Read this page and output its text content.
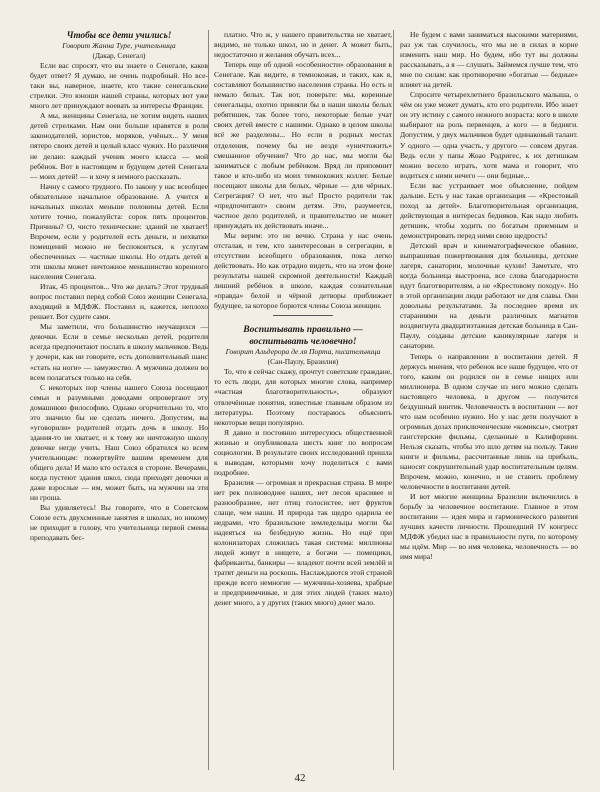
Чтобы все дети учились!

Говорит Жанна Туре, учительница

(Дакар, Сенегал)

Если вас спросят, что вы знаете о Сенегале, каков будет ответ? Я думаю, не очень подробный. Но все-таки вы, наверное, знаете, кто такие сенегальские стрелки. Это юноши нашей страны, которых вот уже много лет принуждают воевать за интересы Франции.

А мы, женщины Сенегала, не хотим видеть наших детей стрелками. Нам они больше нравятся в роли законодателей, юристов, моряков, учёных... У меня пятеро своих детей и целый класс чужих. Но различия не делаю: каждый ученик моего класса — мой ребёнок. Вот в настоящем и будущем детей Сенегала — моих детей! — и хочу я немного рассказать.

Начну с самого трудного. По закону у нас всеобщее обязательное начальное образование. А учится в начальных школах меньше половины детей. Если хотите точно, пожалуйста: сорок пять процентов. Причины? О, чисто технические: зданий не хватает! Впрочем, если у родителей есть деньги, и нехватке помещений можно не беспокоиться, к услугам обеспеченных — частные школы. Но отдать детей в эти школы может ничтожное меньшинство коренного населения Сенегала.

Итак, 45 процентов... Что же делать? Этот трудный вопрос поставил перед собой Союз женщин Сенегала, входящий в МДФЖ. Поставил и, кажется, неплохо решает. Вот судите сами.

Мы заметили, что большинство неучащихся — девочки. Если в семье несколько детей, родители всегда предпочитают послать в школу мальчиков. Ведь у дочери, как ни говорите, есть дополнительный шанс «стать на ноги» — замужество. А мужчина должен во всем полагаться только на себя.

С некоторых пор члены нашего Союза посещают семьи и разумными доводами опровергают эту домашнюю философию. Однако огорчительно то, что это значило бы не сделать ничего. Допустим, вы «уговорили» родителей отдать дочь в школу. Но здания-то не хватает, и к тому же ничтожную школу девочке негде учить. Наш Союз обратился ко всем учительницам: пожертвуйте вашим временем для общего дела! И мало кто остался в стороне. Вечерами, когда пустеют здания школ, сюда приходят девочки и даже взрослые — им, может быть, на мужчин на эти ни грошa.

Вы удивляетесь! Вы говорите, что в Советском Союзе есть двухсменные занятия в школах, но никому не приходит в голову, что учительница первой смены преподавать бес-

платно. Что ж, у нашего правительства не хватает, видимо, не только школ, но и денег. А может быть, недостаточно и желания обучать всех...

Теперь еще об одной «особенности» образования в Сенегале. Как видите, я темнокожая, и таких, как я, составляют большинство населения страны. Но есть и немало белых. Так вот, поверьте: мы, коренные сенегальцы, охотно приняли бы в наши школы белых ребятишек, так более того, некоторые белые учат своих детей вместе с нашими. Однако в целом школы всё же разделены... Но если в родных местах отделения, почему бы не везде «уничтожить» смешанное обучение? Что до нас, мы могли бы заниматься с любым ребёнком. Вряд ли припомнит такое и кто-либо из моих темнокожих коллег. Белые посещают школы для белых, чёрные — для чёрных. Сегрегация? О нет, что вы! Просто родители так «предпочитают» своим детям. Это, разумеется, частное дело родителей, и правительство не может принуждать их действовать иначе...

Мы верим: это не вечно. Страна у нас очень отсталая, и тем, кто заинтересован в сегрегации, в отсутствии всеобщего образования, пока легко действовать. Но как отрадно видеть, что на этом фоне результаты нашей скромной деятельности! Каждый лишний ребёнок в школе, каждая сознательная «правда» белой и чёрной детворы приближает будущее, за которое борются члены Союза женщин.

Воспитывать правильно — воспитывать человечно!

Говорит Альдерора де ля Порта, писательница

(Сан-Паулу, Бразилия)

То, что я сейчас скажу, прочтут советские граждане, то есть люди, для которых многие слова, например «частная благотворительность», образуют отвлечённые понятия, известные главным образом из литературы. Поэтому постараюсь объяснить некоторые вещи популярно.

Я давно и постоянно интересуюсь общественной жизнью и опубликовала шесть книг по вопросам социологии. В результате своих исследований пришла к выводам, которыми хочу поделиться с вами подробнее.

Бразилия — огромная и прекрасная страна. В мире нет рек полноводнее наших, нет лесов красивее и разнообразнее, нет птиц голосистее, нет фруктов слаще, чем наши. И природа так щедро одарила ее недрами, что бразильские земледельцы могли бы надеяться на безбедную жизнь. Но ещё при колонизаторах сложилась такая система: миллионы людей живут в нищете, а богачи — помещики, фабриканты, банкиры — владеют почти всей землёй и тратят деньги на роскошь. Наслаждаются этой страной прежде всего немногие — мужчины-хозяева, храбрые и предприимчивые, и для этих людей (таких мало) денег много, а у других (таких много) денег мало.

Не будем с вами заниматься высокими материями, раз уж так случилось, что мы не в силах в корне изменить наш мир. Но будем, ибо тут вы должны рассказывать, а я — слушать. Займемся лучше тем, что мне по силам: как противоречие «богатые — бедные» влияет на детей.

Спросите четырехлетнего бразильского малыша, о чём он уже может думать, кто его родители. Ибо знает он эту истину с самого нежного возраста: кого в школе выбирают на роль первенцев, а кого — в бедняги. Допустим, у двух мальчиков будет одинаковый талант. У одного — одна участь, у другого — совсем другая. Ведь если у папы Жоао Родригес, к их детишкам можно весело играть, хотя мама и говорит, что водиться с ними нечего — они бедные...

Если вас устраивает мое объяснение, пойдем дальше. Есть у нас такая организация — «Крестовый поход за детей». Благотворительная организация, действующая в интересах бедняков. Как надо любить детишек, чтобы ходить по богатым приемным и демонстрировать перед ними свою щедрость!

Детский врач и кинематографическое обаяние, выпрашивая пожертвования для больницы, детские лагеря, санатории, молочные кухни! Заметьте, что когда больница выстроена, все слова благодарности идут благотворителям, а не «Крестовому походу». Но в этой организации люди работают не для славы. Они довольны результатами. За последнее время их стараниями на деньги различных магнатов воздвигнута двадцатиэтажная детская больница в Сан-Паулу, созданы детские каникулярные лагеря и санатории.

Теперь о направлении в воспитании детей. Я держусь мнения, что ребенок все наше будущее, что от того, каким он родился он в семье нищих или миллионера. В одном случае из него можно сделать настоящего человека, в другом — получится бездушный винтик. Человечность в воспитании — вот что нам особенно нужно. Но у нас дети получают в огромных дозах приключенческие «комиксы», смотрят гангстерские фильмы, сделанные в Калифорнии. Нельзя сказать, чтобы это шло детям на пользу. Такие книги и фильмы, рассчитанные лишь на прибыль, наносят сокрушительный удар воспитательным целям. Впрочем, можно, конечно, и не ставить проблему человечности в воспитании детей.

И вот многие женщины Бразилии включились в борьбу за человечное воспитание. Главное в этом воспитании — идея мира и гармонического развития лучших качеств личности. Прошедший IV конгресс МДФЖ убедил нас в правильности пути, по которому мы идём. Мир — во имя человека, человечность — во имя мира!

42
